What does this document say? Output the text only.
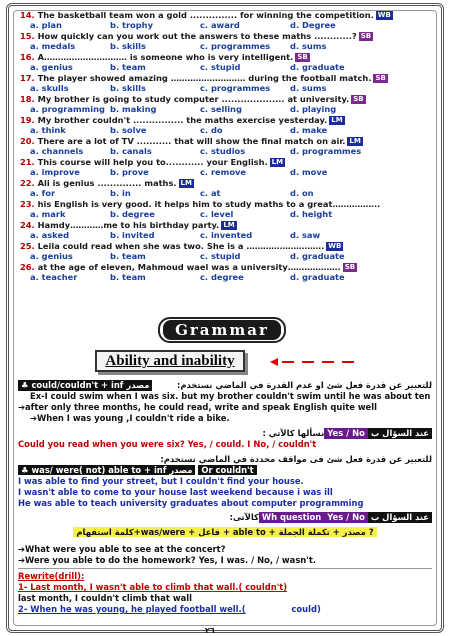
14. The basketball team won a gold ............... for winning the competition. WB
a. plan	b. trophy	c. award	d. Degree
15. How quickly can you work out the answers to these maths ............? SB
a. medals	b. skills	c. programmes	d. sums
16. A………………………… is someone who is very intelligent. SB
a. genius	b. team	c. stupid	d. graduate
17. The player showed amazing ……………………… during the football match. SB
a. skulls	b. skills	c. programmes	d. sums
18. My brother is going to study computer .................... at university. SB
a. programming b. making	c. selling	d. playing
19. My brother couldn't ................ the maths exercise yesterday. LM
a. think	b. solve	c. do	d. make
20. There are a lot of TV ........... that will show the final match on air. LM
a. channels	b. canals	c. studios	d. programmes
21. This course will help you to............ your English. LM
a. improve	b. prove	c. remove	d. move
22. Ali is genius .............. maths. LM
a. for	b. in	c. at	d. on
23. his English is very good. it helps him to study maths to a great……………..
a. mark	b. degree	c. level	d. height
24. Hamdy…………me to his birthday party. LM
a. asked	b. invited	c. invented	d. saw
25. Leila could read when she was two. She is a ………………………. WB
a. genius	b. team	c. stupid	d. graduate
26. at the age of eleven, Mahmoud wael was a university………………. SB
a. teacher	b. team	c. degree	d. graduate
Grammar
Ability and inability
♣ could/couldn't + inf مصدر	للتعبير عن قدرة فعل شئ او عدم القدرة في الماضي نستخدم:
Ex-I could swim when I was six. but my brother couldn't swim until he was about ten
➔after only three months, he could read, write and speak English quite well
➔When I was young ,I couldn't ride a bike.
نسألها كالآتي : Yes / No عند السؤال ب
Could you read when you were six? Yes, / could. I No, / couldn't
للتعبير عن قدرة فعل شئ فى مواقف محددة في الماضي نستخدم:
♣ was/ were( not) able to + inf مصدر Or couldn't
I was able to find your street, but I couldn't find your house.
I wasn't able to come to your house last weekend because i was ill
He was able to teach university graduates about computer programming
كالآتى: Wh question Yes / No عند السؤال ب
كلمة استفهام+was/were + فاعل + able to + مصدر + تكملة الجملة ?
➔What were you able to see at the concert?
➔Were you able to do the homework? Yes, I was. / No, / wasn't.
Rewrite(drill):
1- Last month, I wasn't able to climb that wall.( couldn't)
last month, I couldn't climb that wall
2- When he was young, he played football well.(	could)
٢٦
